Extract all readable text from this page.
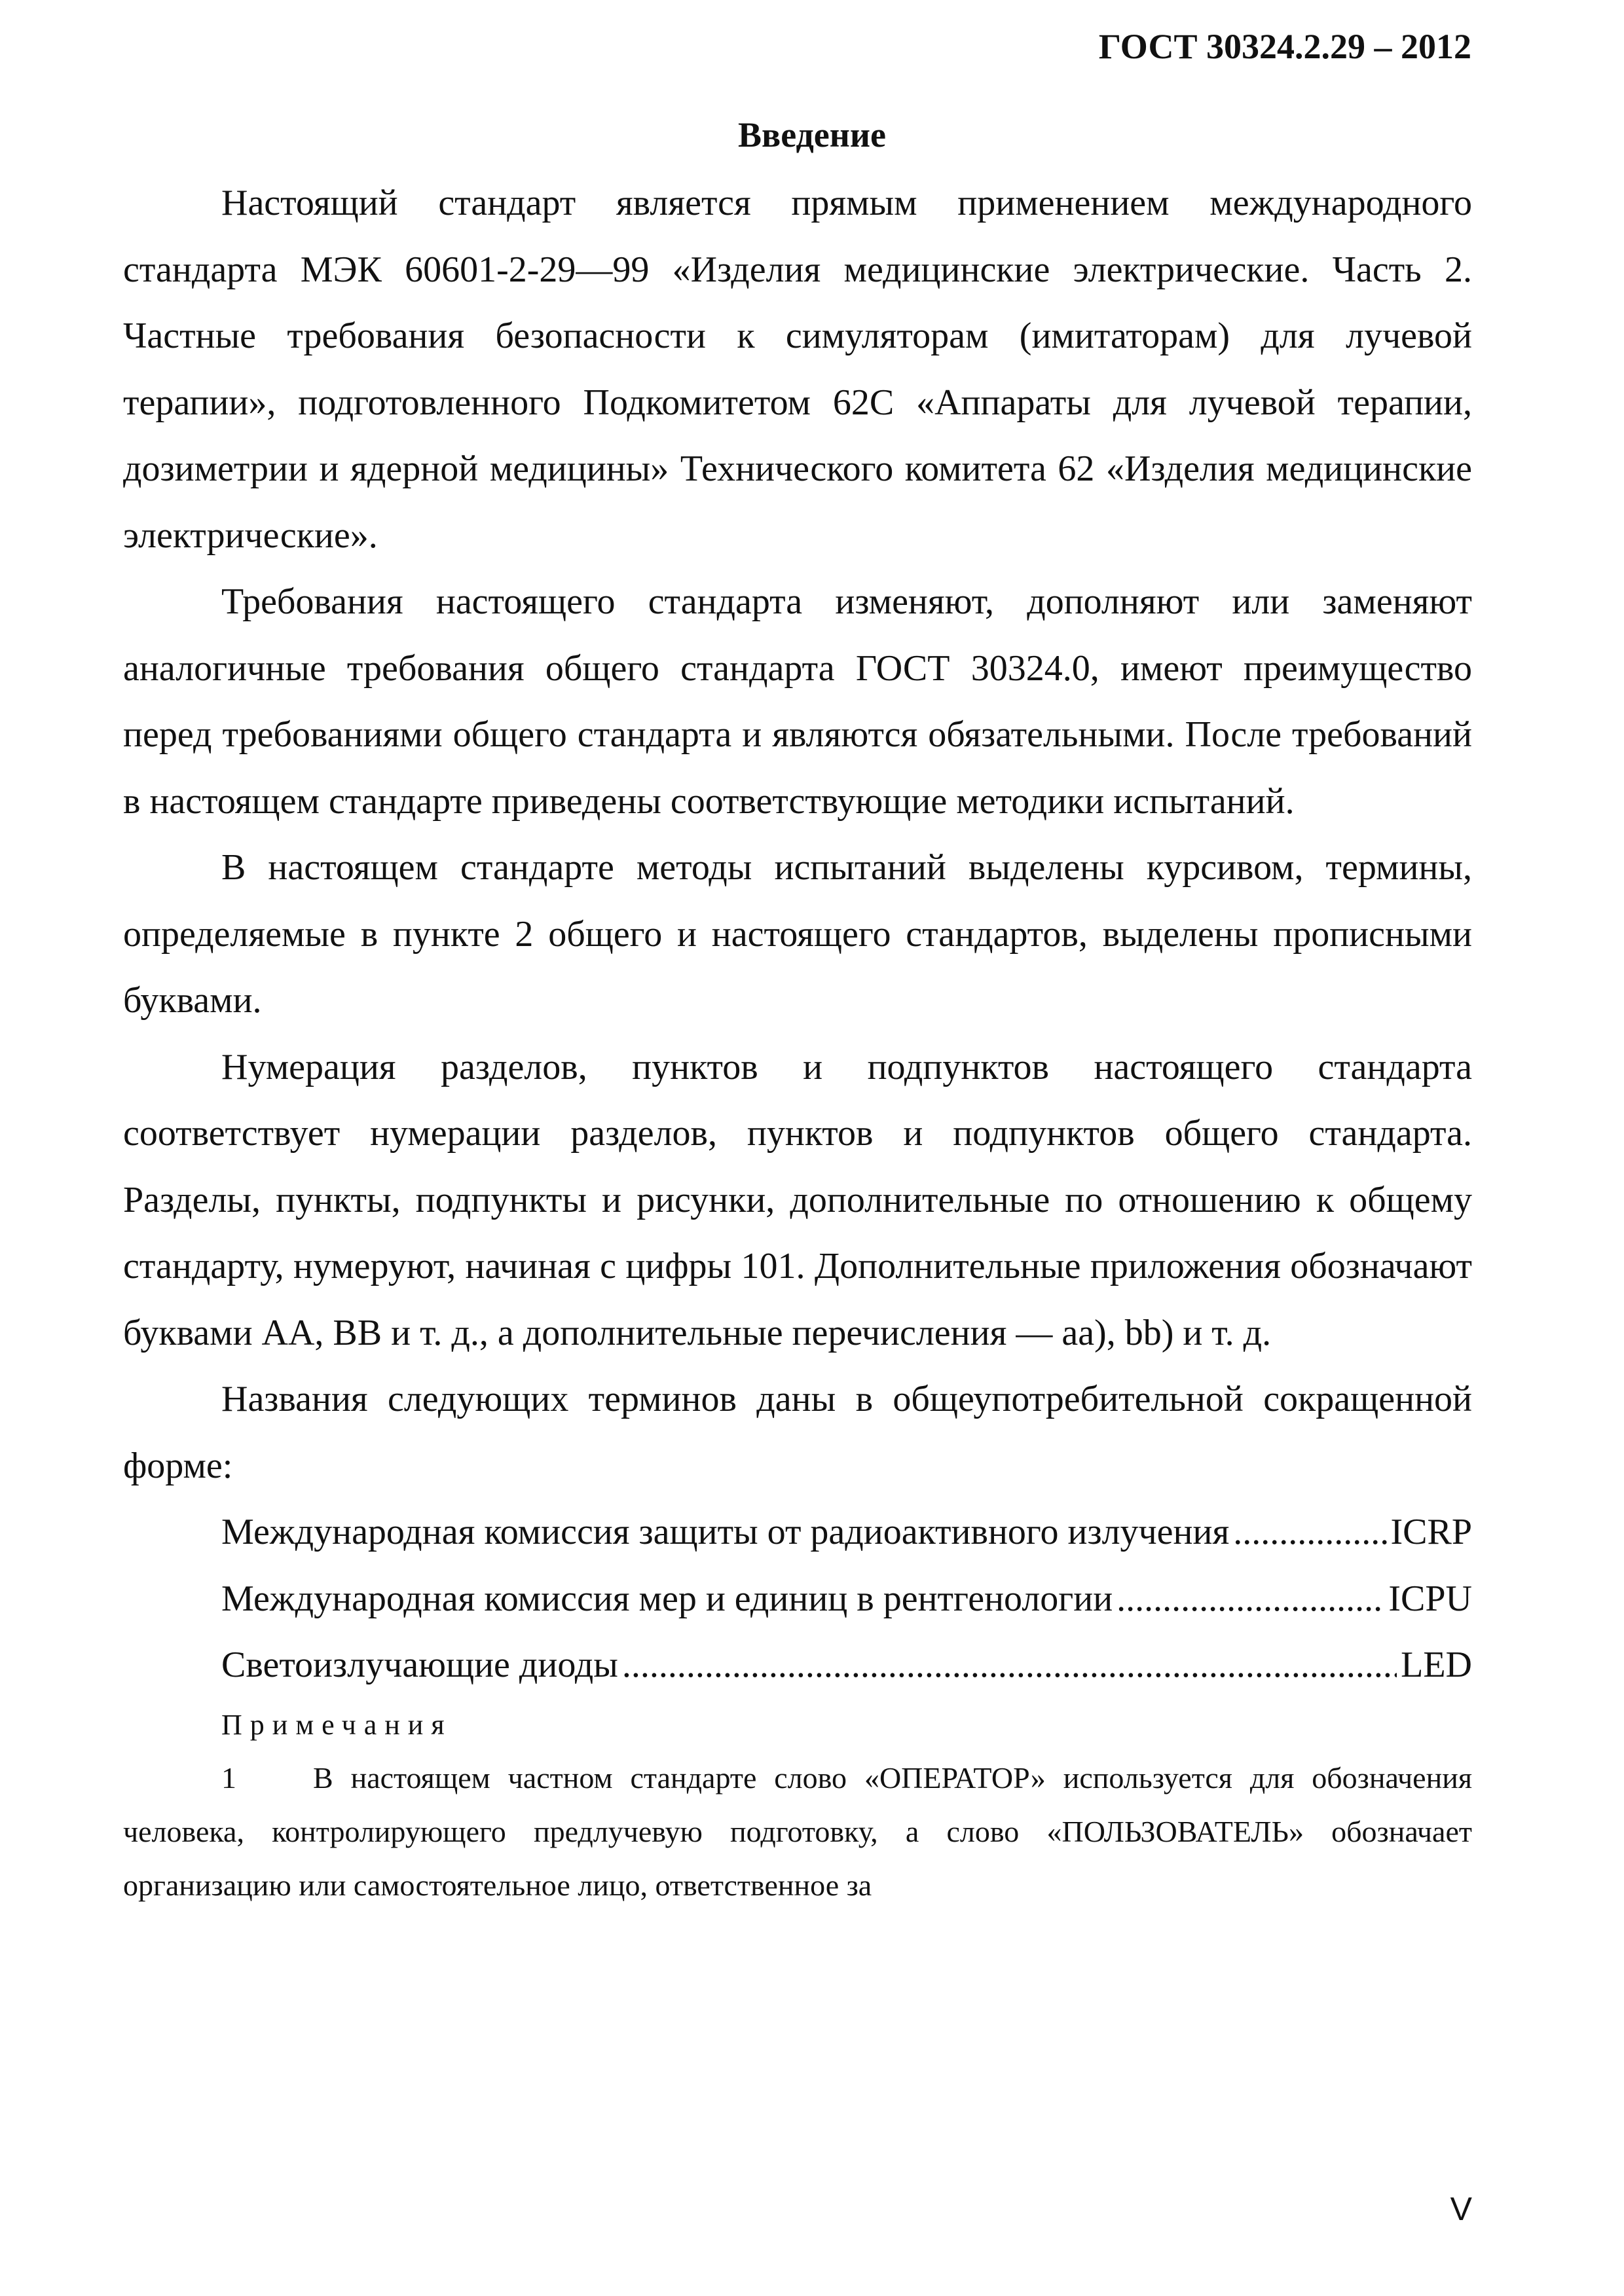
ГОСТ 30324.2.29 – 2012
Введение

Настоящий стандарт является прямым применением международного стандарта МЭК 60601-2-29—99 «Изделия медицинские электрические. Часть 2. Частные требования безопасности к симуляторам (имитаторам) для лучевой терапии», подготовленного Подкомитетом 62С «Аппараты для лучевой терапии, дозиметрии и ядерной медицины» Технического комитета 62 «Изделия медицинские электрические».

Требования настоящего стандарта изменяют, дополняют или заменяют аналогичные требования общего стандарта ГОСТ 30324.0, имеют преимущество перед требованиями общего стандарта и являются обязательными. После требований в настоящем стандарте приведены соответствующие методики испытаний.

В настоящем стандарте методы испытаний выделены курсивом, термины, определяемые в пункте 2 общего и настоящего стандартов, выделены прописными буквами.

Нумерация разделов, пунктов и подпунктов настоящего стандарта соответствует нумерации разделов, пунктов и подпунктов общего стандарта. Разделы, пункты, подпункты и рисунки, дополнительные по отношению к общему стандарту, нумеруют, начиная с цифры 101. Дополнительные приложения обозначают буквами АА, ВВ и т. д., а дополнительные перечисления — аа), bb) и т. д.

Названия следующих терминов даны в общеупотребительной сокращенной форме:

Международная комиссия защиты от радиоактивного излучения .....	ICRP
Международная комиссия мер и единиц в рентгенологии .....	ICPU
Светоизлучающие диоды .....	LED

Примечания

1	В настоящем частном стандарте слово «ОПЕРАТОР» используется для обозначения человека, контролирующего предлучевую подготовку, а слово «ПОЛЬЗОВАТЕЛЬ» обозначает организацию или самостоятельное лицо, ответственное за

V
